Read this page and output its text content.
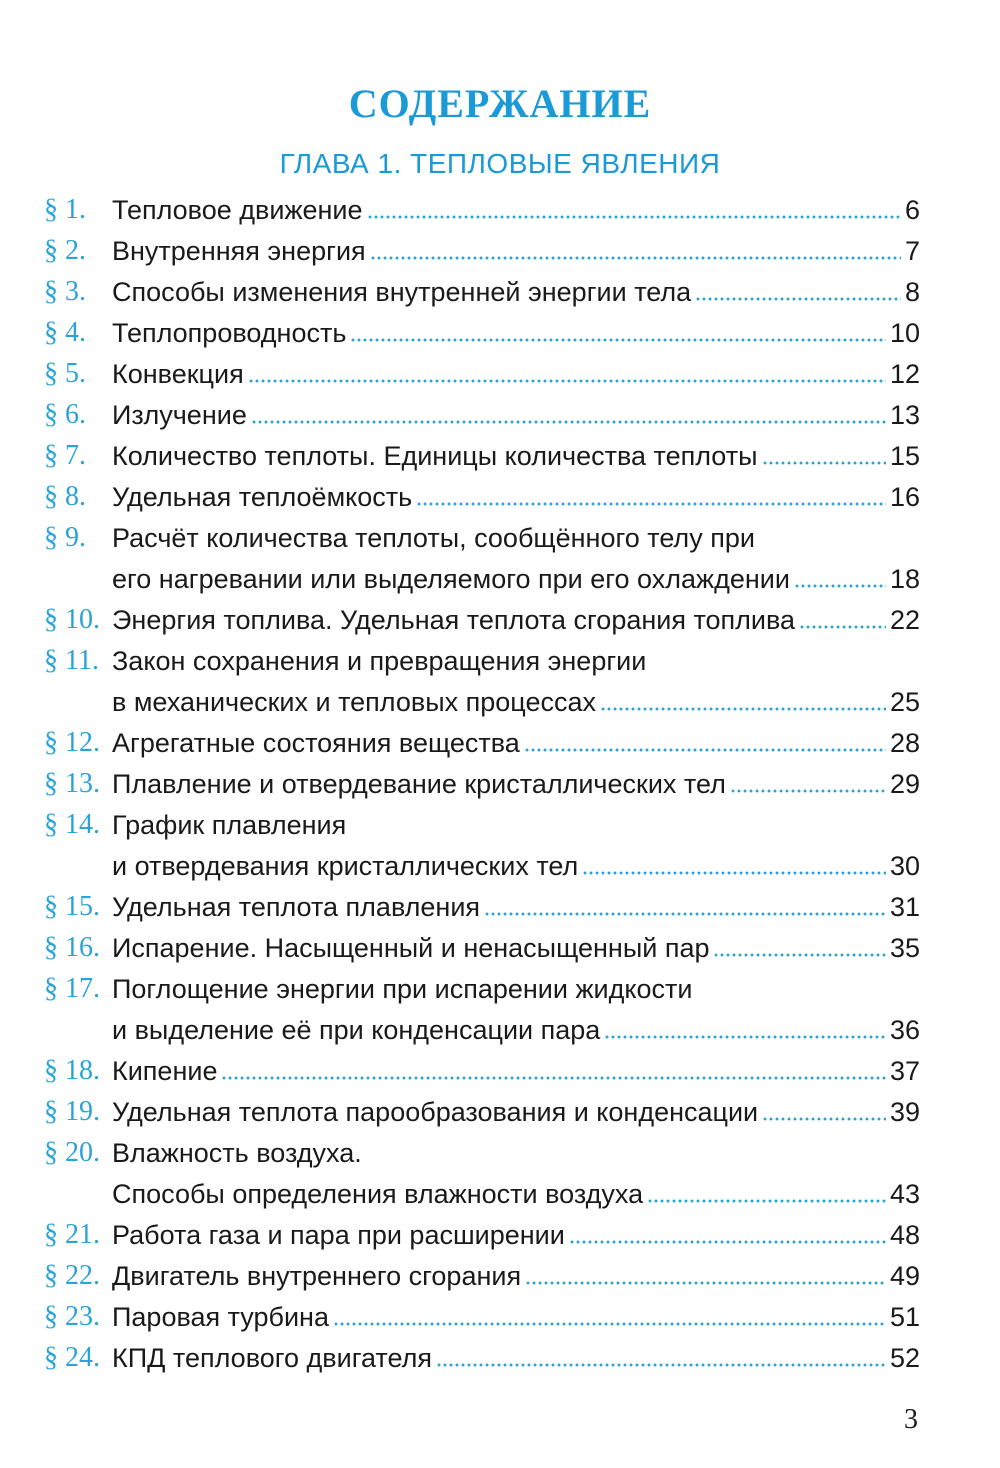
СОДЕРЖАНИЕ
ГЛАВА 1. ТЕПЛОВЫЕ ЯВЛЕНИЯ
§ 1. Тепловое движение	6
§ 2. Внутренняя энергия	7
§ 3. Способы изменения внутренней энергии тела	8
§ 4. Теплопроводность	10
§ 5. Конвекция	12
§ 6. Излучение	13
§ 7. Количество теплоты. Единицы количества теплоты	15
§ 8. Удельная теплоёмкость	16
§ 9. Расчёт количества теплоты, сообщённого телу при
его нагревании или выделяемого при его охлаждении	18
§ 10. Энергия топлива. Удельная теплота сгорания топлива	22
§ 11. Закон сохранения и превращения энергии
в механических и тепловых процессах	25
§ 12. Агрегатные состояния вещества	28
§ 13. Плавление и отвердевание кристаллических тел	29
§ 14. График плавления
и отвердевания кристаллических тел	30
§ 15. Удельная теплота плавления	31
§ 16. Испарение. Насыщенный и ненасыщенный пар	35
§ 17. Поглощение энергии при испарении жидкости
и выделение её при конденсации пара	36
§ 18. Кипение	37
§ 19. Удельная теплота парообразования и конденсации	39
§ 20. Влажность воздуха.
Способы определения влажности воздуха	43
§ 21. Работа газа и пара при расширении	48
§ 22. Двигатель внутреннего сгорания	49
§ 23. Паровая турбина	51
§ 24. КПД теплового двигателя	52
3
